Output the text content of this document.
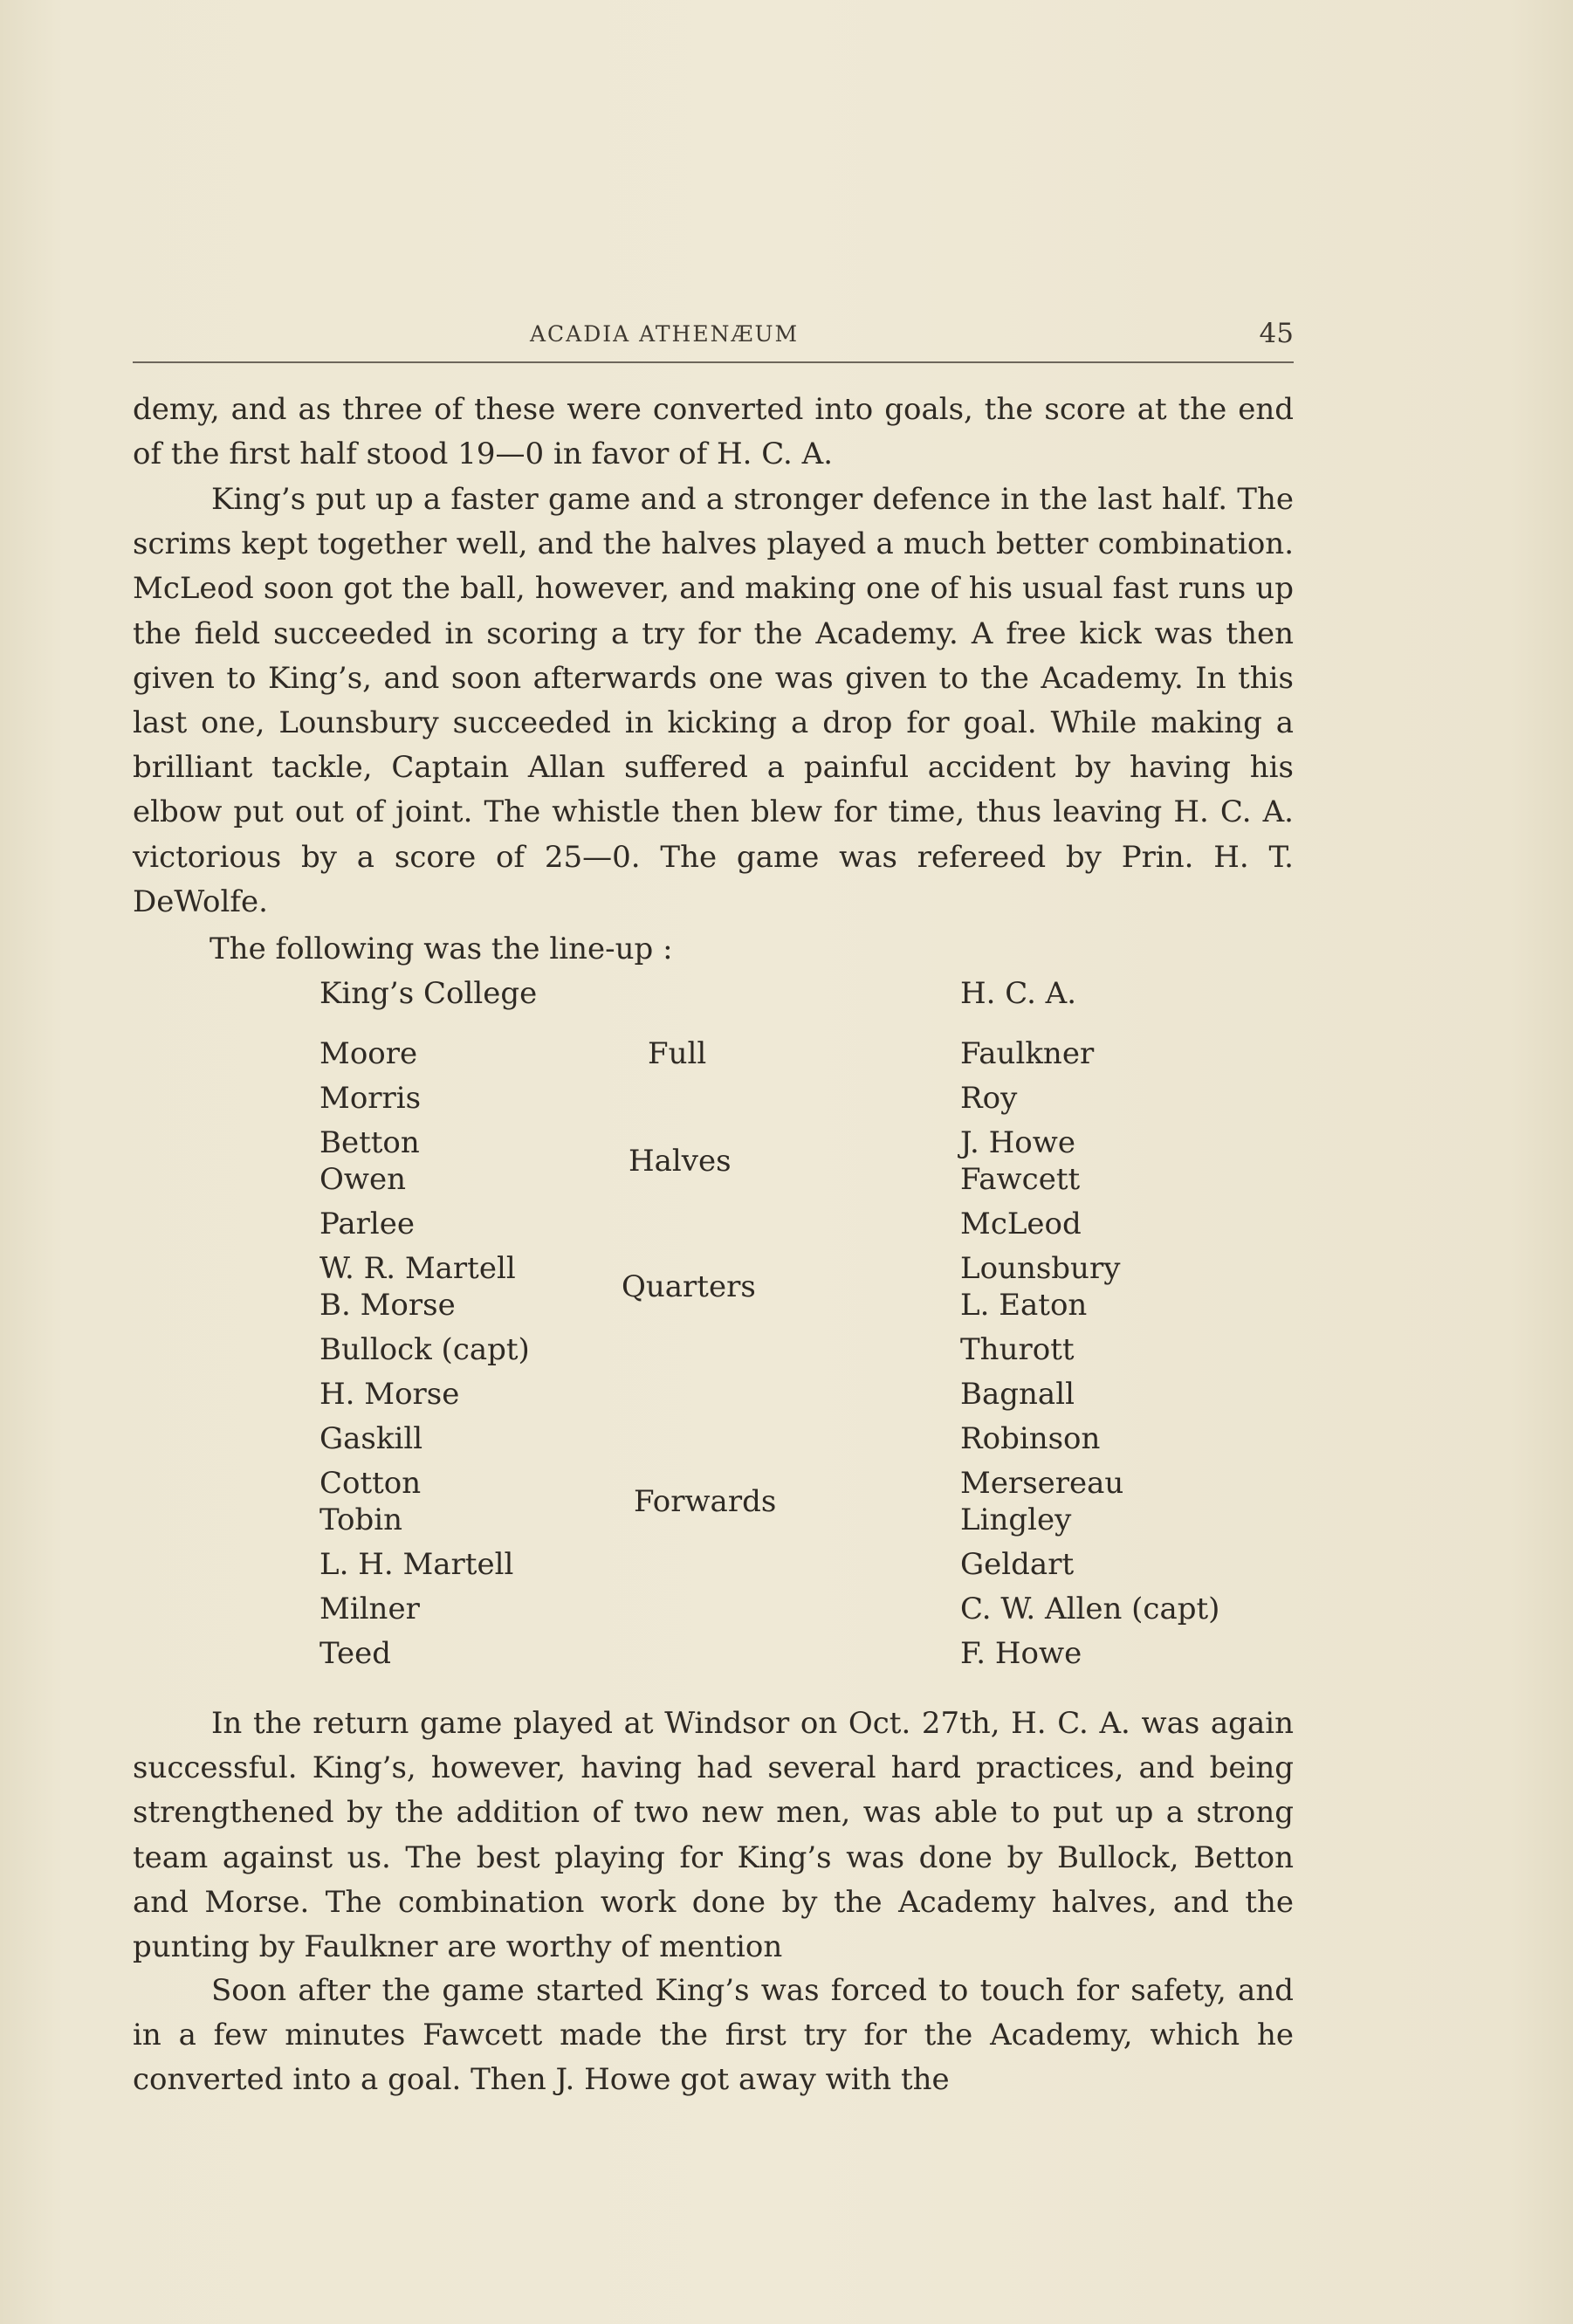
ACADIA ATHENÆUM	45

demy, and as three of these were converted into goals, the score at the end of the first half stood 19—0 in favor of H. C. A.

King’s put up a faster game and a stronger defence in the last half. The scrims kept together well, and the halves played a much better combination. McLeod soon got the ball, however, and making one of his usual fast runs up the field succeeded in scoring a try for the Academy. A free kick was then given to King’s, and soon afterwards one was given to the Academy. In this last one, Lounsbury succeeded in kicking a drop for goal. While making a brilliant tackle, Captain Allan suffered a painful accident by having his elbow put out of joint. The whistle then blew for time, thus leaving H. C. A. victorious by a score of 25—0. The game was refereed by Prin. H. T. DeWolfe.

The following was the line-up :

King’s College	H. C. A.

Moore
Morris
Betton
Owen
Parlee
W. R. Martell
B. Morse
Bullock (capt)
H. Morse
Gaskill
Cotton
Tobin
L. H. Martell
Milner
Teed
Full
Halves
Quarters
Forwards
Faulkner
Roy
J. Howe
Fawcett
McLeod
Lounsbury
L. Eaton
Thurott
Bagnall
Robinson
Mersereau
Lingley
Geldart
C. W. Allen (capt)
F. Howe

In the return game played at Windsor on Oct. 27th, H. C. A. was again successful. King’s, however, having had several hard practices, and being strengthened by the addition of two new men, was able to put up a strong team against us. The best playing for King’s was done by Bullock, Betton and Morse. The combination work done by the Academy halves, and the punting by Faulkner are worthy of mention

Soon after the game started King’s was forced to touch for safety, and in a few minutes Fawcett made the first try for the Academy, which he converted into a goal. Then J. Howe got away with the
